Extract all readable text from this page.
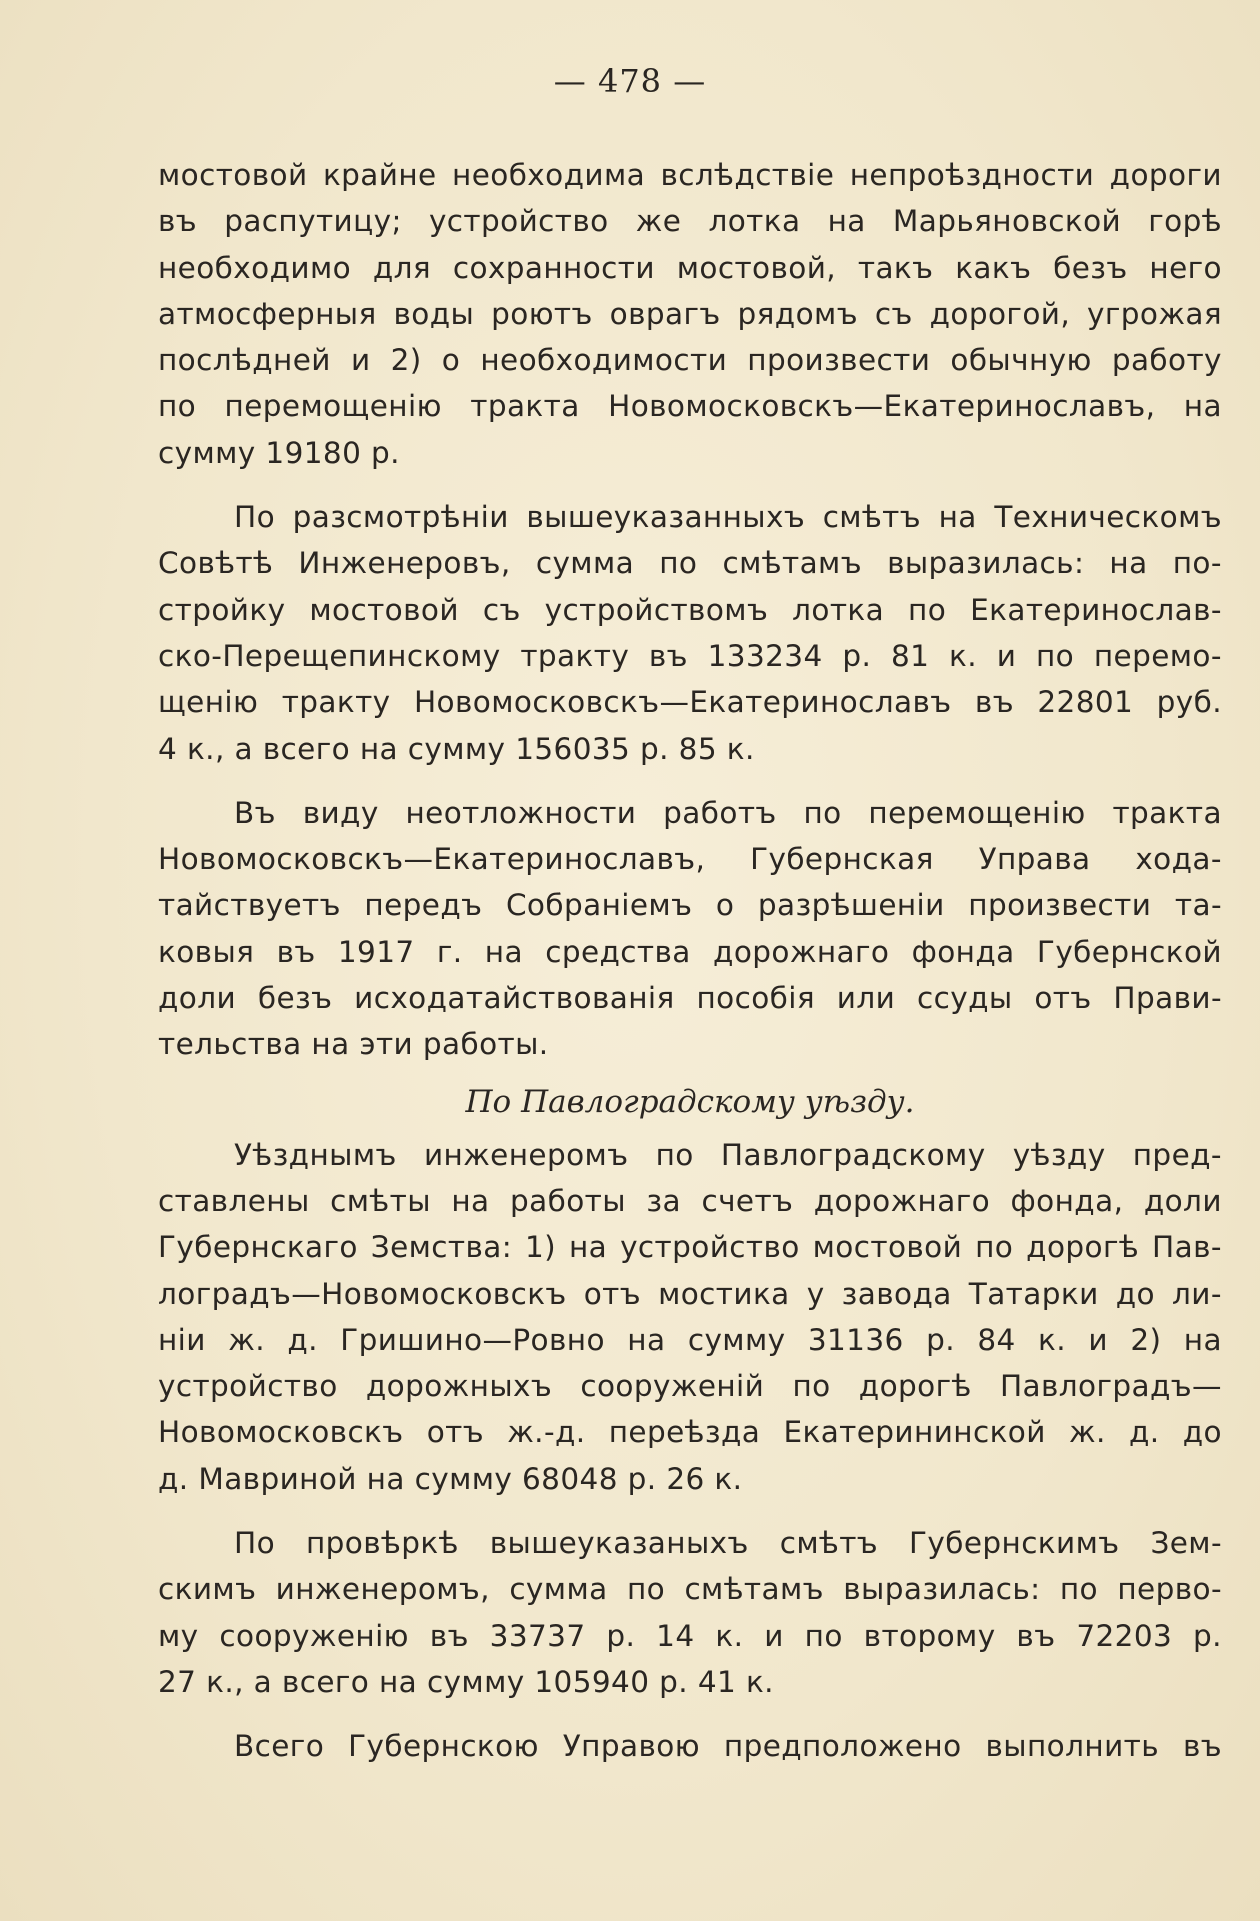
— 478 —
мостовой крайне необходима вслѣдствіе непроѣздности дороги
въ распутицу; устройство же лотка на Марьяновской горѣ
необходимо для сохранности мостовой, такъ какъ безъ него
атмосферныя воды роютъ оврагъ рядомъ съ дорогой, угрожая
послѣдней и 2) о необходимости произвести обычную работу
по перемощенію тракта Новомосковскъ—Екатеринославъ, на
сумму 19180 р.
По разсмотрѣніи вышеуказанныхъ смѣтъ на Техническомъ
Совѣтѣ Инженеровъ, сумма по смѣтамъ выразилась: на по-
стройку мостовой съ устройствомъ лотка по Екатеринослав-
ско-Перещепинскому тракту въ 133234 р. 81 к. и по перемо-
щенію тракту Новомосковскъ—Екатеринославъ въ 22801 руб.
4 к., а всего на сумму 156035 р. 85 к.
Въ виду неотложности работъ по перемощенію тракта
Новомосковскъ—Екатеринославъ, Губернская Управа хода-
тайствуетъ передъ Собраніемъ о разрѣшеніи произвести та-
ковыя въ 1917 г. на средства дорожнаго фонда Губернской
доли безъ исходатайствованія пособія или ссуды отъ Прави-
тельства на эти работы.
По Павлоградскому уѣзду.
Уѣзднымъ инженеромъ по Павлоградскому уѣзду пред-
ставлены смѣты на работы за счетъ дорожнаго фонда, доли
Губернскаго Земства: 1) на устройство мостовой по дорогѣ Пав-
лоградъ—Новомосковскъ отъ мостика у завода Татарки до ли-
ніи ж. д. Гришино—Ровно на сумму 31136 р. 84 к. и 2) на
устройство дорожныхъ сооруженій по дорогѣ Павлоградъ—
Новомосковскъ отъ ж.-д. переѣзда Екатерининской ж. д. до
д. Мавриной на сумму 68048 р. 26 к.
По провѣркѣ вышеуказаныхъ смѣтъ Губернскимъ Зем-
скимъ инженеромъ, сумма по смѣтамъ выразилась: по перво-
му сооруженію въ 33737 р. 14 к. и по второму въ 72203 р.
27 к., а всего на сумму 105940 р. 41 к.
Всего Губернскою Управою предположено выполнить въ
